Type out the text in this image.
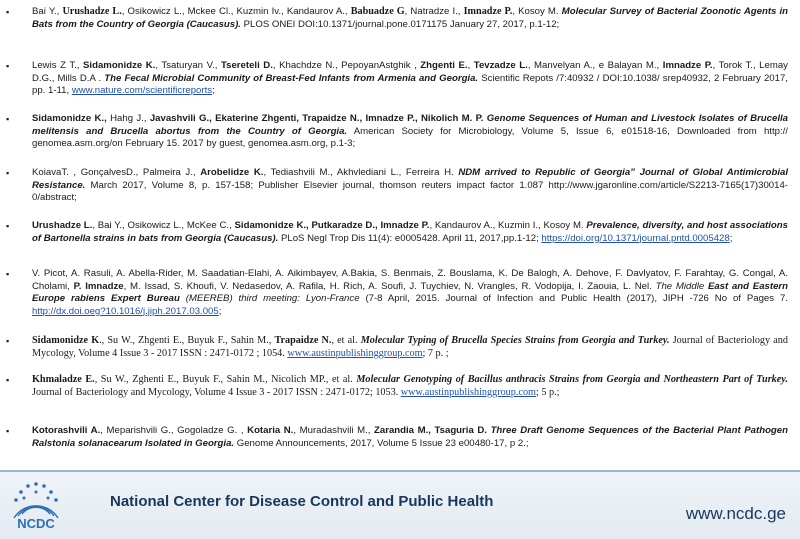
▪	Bai Y., Urushadze L., Osikowicz L., Mckee Cl., Kuzmin Iv., Kandaurov A., Babuadze G, Natradze I., Imnadze P., Kosoy M. Molecular Survey of Bacterial Zoonotic Agents in Bats from the Country of Georgia (Caucasus). PLOS ONEI DOI:10.1371/journal.pone.0171175 January 27, 2017, p.1-12;
▪	Lewis Z T., Sidamonidze K., Tsaturyan V., Tsereteli D., Khachdze N., PepoyanAstghik , Zhgenti E., Tevzadze L., Manvelyan A., e Balayan M., Imnadze P., Torok T., Lemay D.G., Mills D.A . The Fecal Microbial Community of Breast-Fed Infants from Armenia and Georgia. Scientific Repots /7:40932 / DOI:10.1038/ srep40932, 2 February 2017, pp. 1-11, www.nature.com/scientificreports;
▪	Sidamonidze K., Hahg J., Javashvili G., Ekaterine Zhgenti, Trapaidze N., Imnadze P., Nikolich M. P. Genome Sequences of Human and Livestock Isolates of Brucella melitensis and Brucella abortus from the Country of Georgia. American Society for Microbiology, Volume 5, Issue 6, e01518-16, Downloaded from http:// genomea.asm.org/on February 15. 2017 by guest, genomea.asm.org, p.1-3;
▪	KoiavaT. , GonçalvesD., Palmeira J., Arobelidze K., Tediashvili M., Akhvlediani L., Ferreira H. NDM arrived to Republic of Georgia” Journal of Global Antimicrobial Resistance. March 2017, Volume 8, p. 157-158; Publisher Elsevier journal, thomson reuters impact factor 1.087 http://www.jgaronline.com/article/S2213-7165(17)30014-0/abstract;
▪	Urushadze L., Bai Y., Osikowicz L., McKee C., Sidamonidze K., Putkaradze D., Imnadze P., Kandaurov A., Kuzmin I., Kosoy M. Prevalence, diversity, and host associations of Bartonella strains in bats from Georgia (Caucasus). PLoS Negl Trop Dis 11(4): e0005428. April 11, 2017,pp.1-12; https://doi.org/10.1371/journal.pntd.0005428;
▪	V. Picot, A. Rasuli, A. Abella-Rider, M. Saadatian-Elahi, A. Aikimbayev, A.Bakia, S. Benmais, Z. Bouslama, K. De Balogh, A. Dehove, F. Davlyatov, F. Farahtay, G. Congal, A. Cholami, P. Imnadze, M. Issad, S. Khoufi, V. Nedasedov, A. Rafila, H. Rich, A. Soufi, J. Tuychiev, N. Vrangles, R. Vodopija, I. Zaouia, L. Nel. The Middle East and Eastern Europe rabiens Expert Bureau (MEEREB) third meeting: Lyon-France (7-8 April, 2015. Journal of Infection and Public Health (2017), JIPH -726 No of Pages 7. http://dx.doi.oeg?10.1016/j.jiph.2017.03.005;
▪	Sidamonidze K., Su W., Zhgenti E., Buyuk F., Sahin M., Trapaidze N., et al. Molecular Typing of Brucella Species Strains from Georgia and Turkey. Journal of Bacteriology and Mycology, Volume 4 Issue 3 - 2017 ISSN : 2471-0172 ; 1054. www.austinpublishinggroup.com; 7 p. ;
▪	Khmaladze E., Su W., Zghenti E., Buyuk F., Sahin M., Nicolich MP., et al. Molecular Genotyping of Bacillus anthracis Strains from Georgia and Northeastern Part of Turkey. Journal of Bacteriology and Mycology, Volume 4 Issue 3 - 2017 ISSN : 2471-0172; 1053. www.austinpublishinggroup.com; 5 p.;
▪	Kotorashvili A., Meparishvili G., Gogoladze G. , Kotaria N., Muradashvili M., Zarandia M., Tsaguria D. Three Draft Genome Sequences of the Bacterial Plant Pathogen Ralstonia solanacearum Isolated in Georgia. Genome Announcements, 2017, Volume 5 Issue 23 e00480-17, p 2.;
NCDC
National Center for Disease Control and Public Health
www.ncdc.ge
